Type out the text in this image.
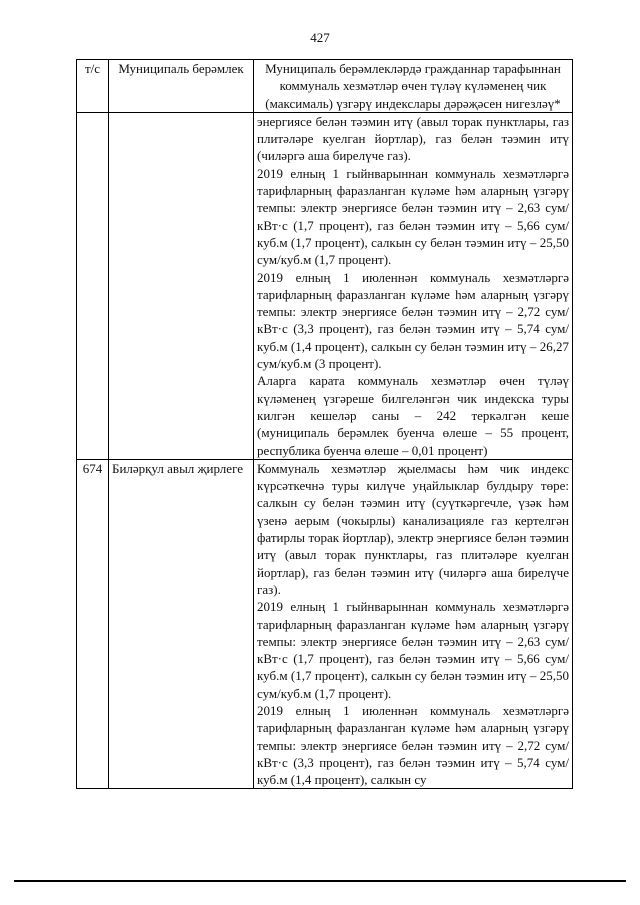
427
т/с	Муниципаль берәмлек	Муниципаль берәмлекләрдә гражданнар тарафыннан коммуналь хезмәтләр өчен түләү күләменең чик (максималь) үзгәрү индекслары дәрәҗәсен нигезләү*

		энергиясе белән тәэмин итү (авыл торак пунктлары, газ плитәләре куелган йортлар), газ белән тәэмин итү (чиләргә аша бирелүче газ).

2019 елның 1 гыйнварыннан коммуналь хезмәтләргә тарифларның фаразланган күләме һәм аларның үзгәрү темпы: электр энергиясе белән тәэмин итү – 2,63 сум/кВт·с (1,7 процент), газ белән тәэмин итү – 5,66 сум/куб.м (1,7 процент), салкын су белән тәэмин итү – 25,50 сум/куб.м (1,7 процент).

2019 елның 1 июленнән коммуналь хезмәтләргә тарифларның фаразланган күләме һәм аларның үзгәрү темпы: электр энергиясе белән тәэмин итү – 2,72 сум/кВт·с (3,3 процент), газ белән тәэмин итү – 5,74 сум/куб.м (1,4 процент), салкын су белән тәэмин итү – 26,27 сум/куб.м (3 процент).

Аларга карата коммуналь хезмәтләр өчен түләү күләменең үзгәреше билгеләнгән чик индекска туры килгән кешеләр саны – 242 теркәлгән кеше (муниципаль берәмлек буенча өлеше – 55 процент, республика буенча өлеше – 0,01 процент)

674	Биләрқул авыл җирлеге	Коммуналь хезмәтләр җыелмасы һәм чик индекс күрсәткечнә туры килүче уңайлыклар булдыру төре: салкын су белән тәэмин итү (суүткәргечле, үзәк һәм үзенә аерым (чокырлы) канализацияле газ кертелгән фатирлы торак йортлар), электр энергиясе белән тәэмин итү (авыл торак пунктлары, газ плитәләре куелган йортлар), газ белән тәэмин итү (чиләргә аша бирелүче газ).

2019 елның 1 гыйнварыннан коммуналь хезмәтләргә тарифларның фаразланган күләме һәм аларның үзгәрү темпы: электр энергиясе белән тәэмин итү – 2,63 сум/кВт·с (1,7 процент), газ белән тәэмин итү – 5,66 сум/куб.м (1,7 процент), салкын су белән тәэмин итү – 25,50 сум/куб.м (1,7 процент).

2019 елның 1 июленнән коммуналь хезмәтләргә тарифларның фаразланган күләме һәм аларның үзгәрү темпы: электр энергиясе белән тәэмин итү – 2,72 сум/кВт·с (3,3 процент), газ белән тәэмин итү – 5,74 сум/куб.м (1,4 процент), салкын су
